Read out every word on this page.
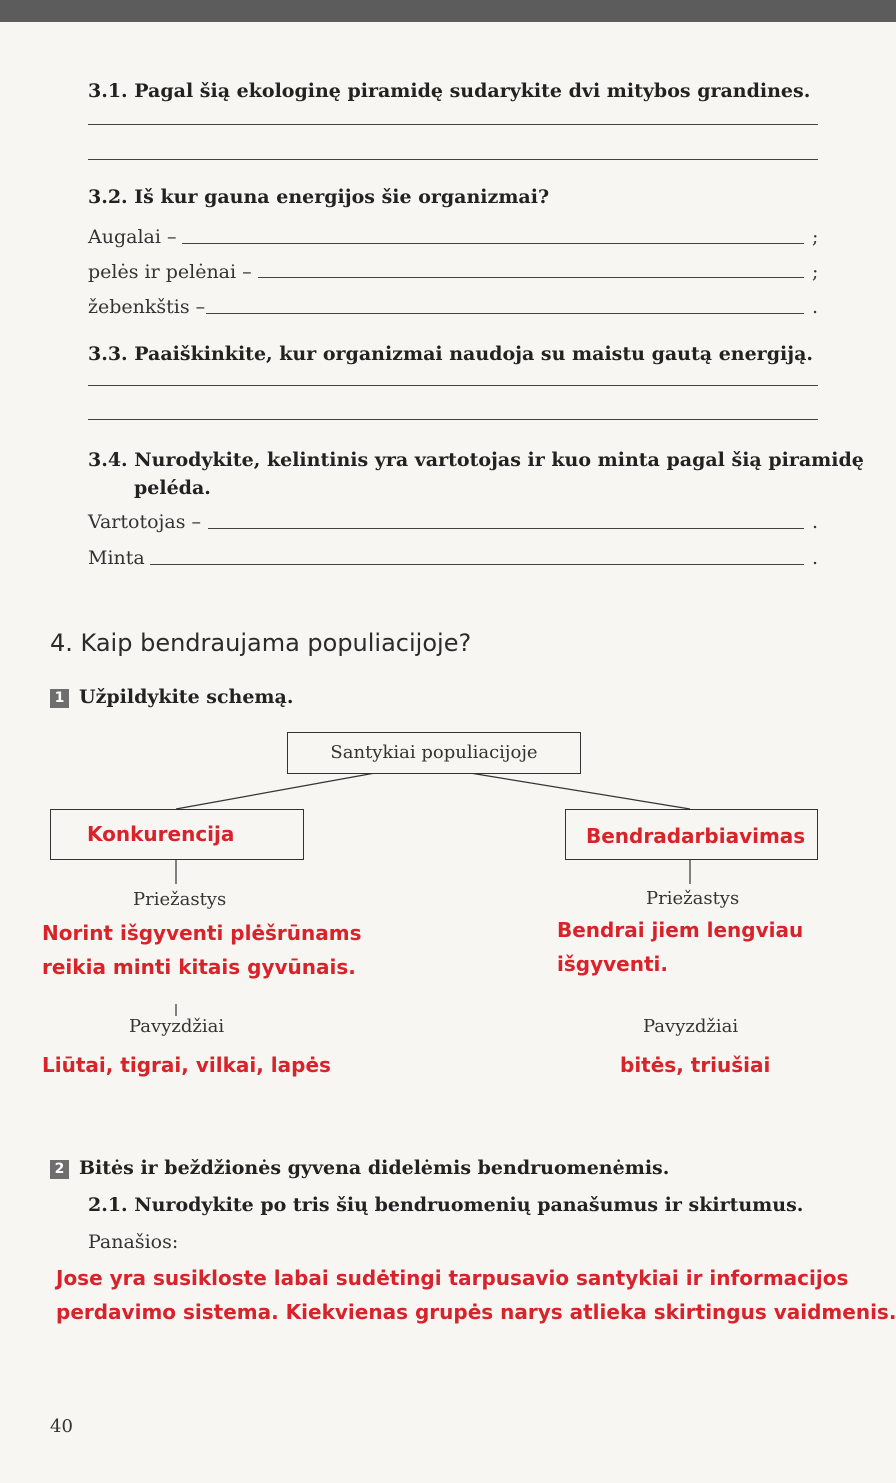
3.1. Pagal šią ekologinę piramidę sudarykite dvi mitybos grandines.
3.2. Iš kur gauna energijos šie organizmai?
Augalai –	;
pelės ir pelėnai –	;
žebenkštis –	.
3.3. Paaiškinkite, kur organizmai naudoja su maistu gautą energiją.
3.4. Nurodykite, kelintinis yra vartotojas ir kuo minta pagal šią piramidę
peléda.
Vartotojas –	.
Minta	.
4. Kaip bendraujama populiacijoje?
1 Užpildykite schemą.
Santykiai populiacijoje
Konkurencija	Bendradarbiavimas
Priežastys	Priežastys
Norint išgyventi plėšrūnams
reikia minti kitais gyvūnais.
Bendrai jiem lengviau
išgyventi.
Pavyzdžiai	Pavyzdžiai
Liūtai, tigrai, vilkai, lapės	bitės, triušiai
2 Bitės ir beždžionės gyvena didelėmis bendruomenėmis.
2.1. Nurodykite po tris šių bendruomenių panašumus ir skirtumus.
Panašios:
Jose yra susikloste labai sudėtingi tarpusavio santykiai ir informacijos
perdavimo sistema. Kiekvienas grupės narys atlieka skirtingus vaidmenis.
40
